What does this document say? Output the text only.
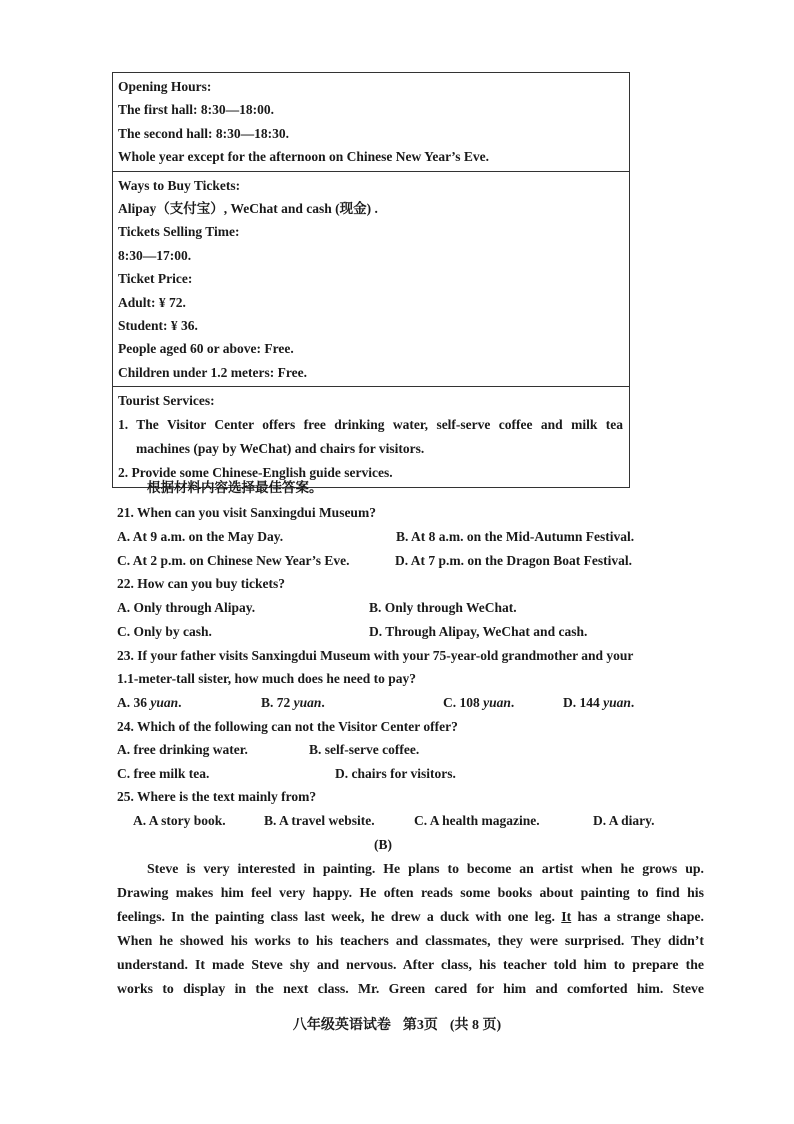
Opening Hours:
The first hall: 8:30—18:00.
The second hall: 8:30—18:30.
Whole year except for the afternoon on Chinese New Year’s Eve.
Ways to Buy Tickets:
Alipay（支付宝）, WeChat and cash (现金) .
Tickets Selling Time:
8:30—17:00.
Ticket Price:
Adult: ¥ 72.
Student: ¥ 36.
People aged 60 or above: Free.
Children under 1.2 meters: Free.
Tourist Services:
1. The Visitor Center offers free drinking water, self-serve coffee and milk tea
machines (pay by WeChat) and chairs for visitors.
2. Provide some Chinese-English guide services.
根据材料内容选择最佳答案。
21. When can you visit Sanxingdui Museum?
A. At 9 a.m. on the May Day.	B. At 8 a.m. on the Mid-Autumn Festival.
C. At 2 p.m. on Chinese New Year’s Eve.	D. At 7 p.m. on the Dragon Boat Festival.
22. How can you buy tickets?
A. Only through Alipay.	B. Only through WeChat.
C. Only by cash.	D. Through Alipay, WeChat and cash.
23. If your father visits Sanxingdui Museum with your 75-year-old grandmother and your
1.1-meter-tall sister, how much does he need to pay?
A. 36 yuan.	B. 72 yuan.	C. 108 yuan.	D. 144 yuan.
24. Which of the following can not the Visitor Center offer?
A. free drinking water.	B. self-serve coffee.
C. free milk tea.	D. chairs for visitors.
25. Where is the text mainly from?
A. A story book.	B. A travel website.	C. A health magazine.	D. A diary.
(B)
Steve is very interested in painting. He plans to become an artist when he grows up.
Drawing makes him feel very happy. He often reads some books about painting to find his
feelings. In the painting class last week, he drew a duck with one leg. It has a strange shape.
When he showed his works to his teachers and classmates, they were surprised. They didn’t
understand. It made Steve shy and nervous. After class, his teacher told him to prepare the
works to display in the next class. Mr. Green cared for him and comforted him. Steve
八年级英语试卷 第3页 (共 8 页)
